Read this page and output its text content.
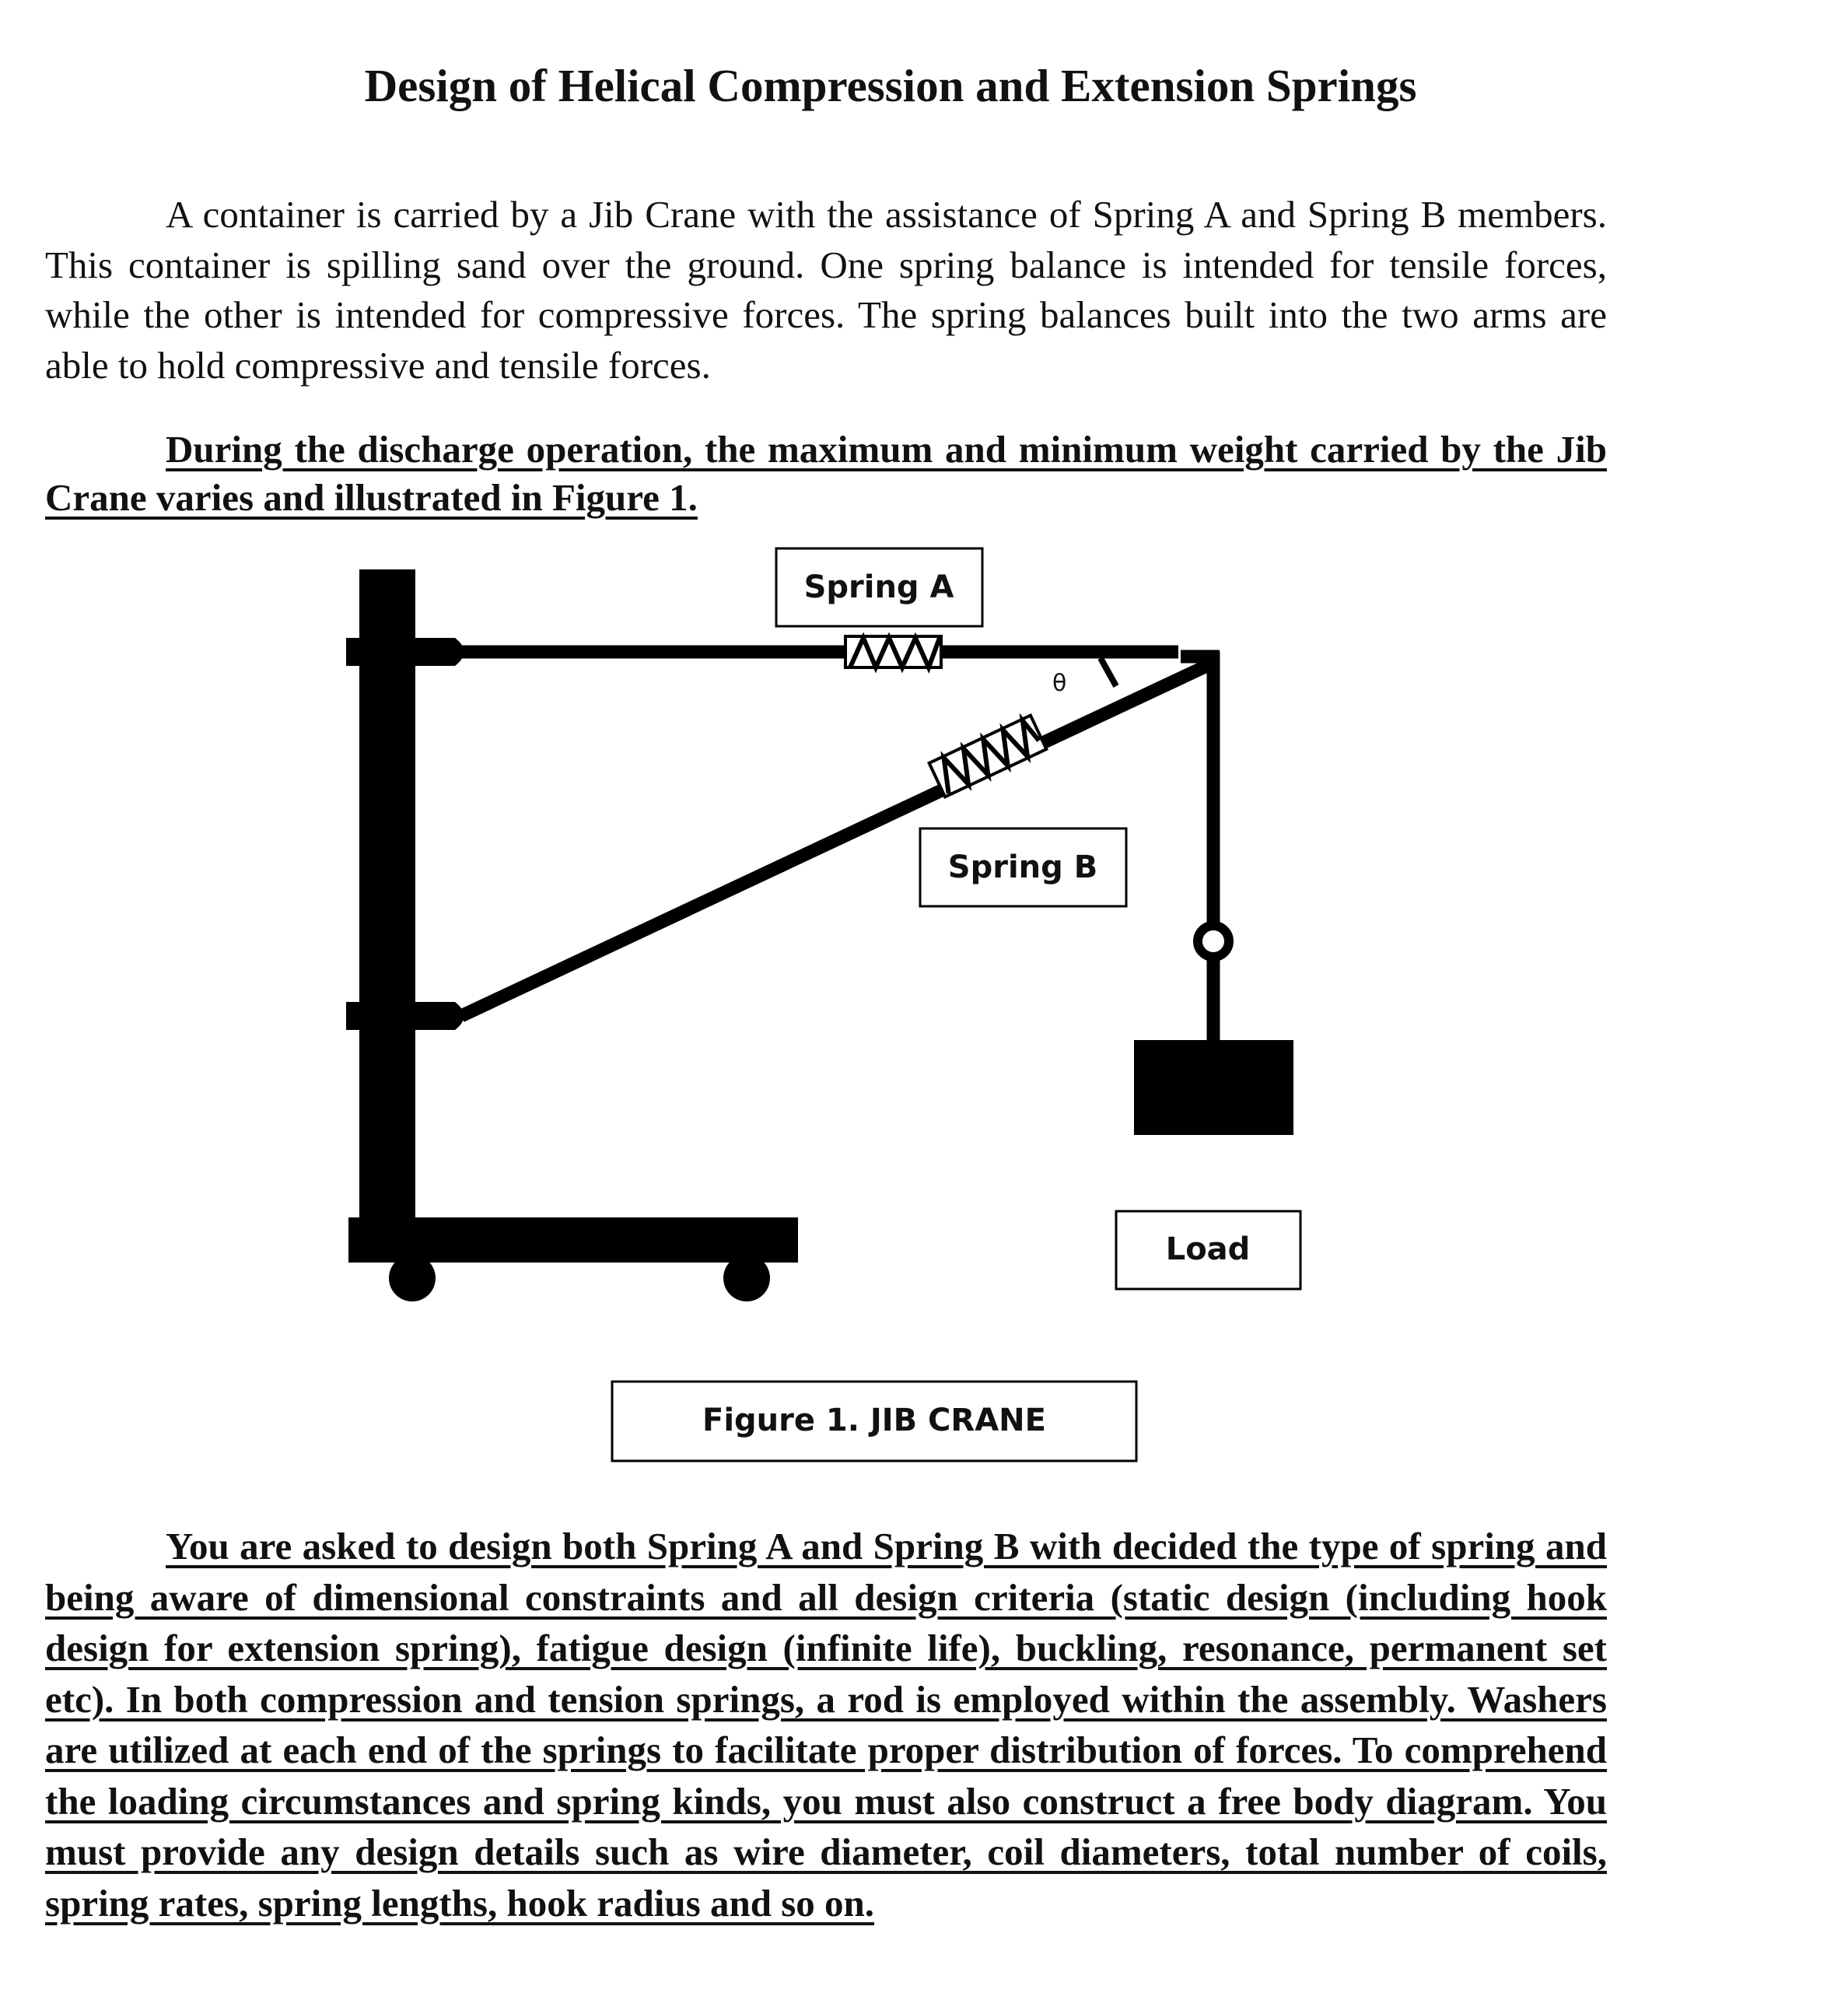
Design of Helical Compression and Extension Springs

A container is carried by a Jib Crane with the assistance of Spring A and Spring B members. This container is spilling sand over the ground. One spring balance is intended for tensile forces, while the other is intended for compressive forces. The spring balances built into the two arms are able to hold compressive and tensile forces.

During the discharge operation, the maximum and minimum weight carried by the Jib Crane varies and illustrated in Figure 1.

θ
Spring A
Spring B
Load
Figure 1. JIB CRANE

You are asked to design both Spring A and Spring B with decided the type of spring and being aware of dimensional constraints and all design criteria (static design (including hook design for extension spring), fatigue design (infinite life), buckling, resonance, permanent set etc). In both compression and tension springs, a rod is employed within the assembly. Washers are utilized at each end of the springs to facilitate proper distribution of forces. To comprehend the loading circumstances and spring kinds, you must also construct a free body diagram. You must provide any design details such as wire diameter, coil diameters, total number of coils, spring rates, spring lengths, hook radius and so on.
